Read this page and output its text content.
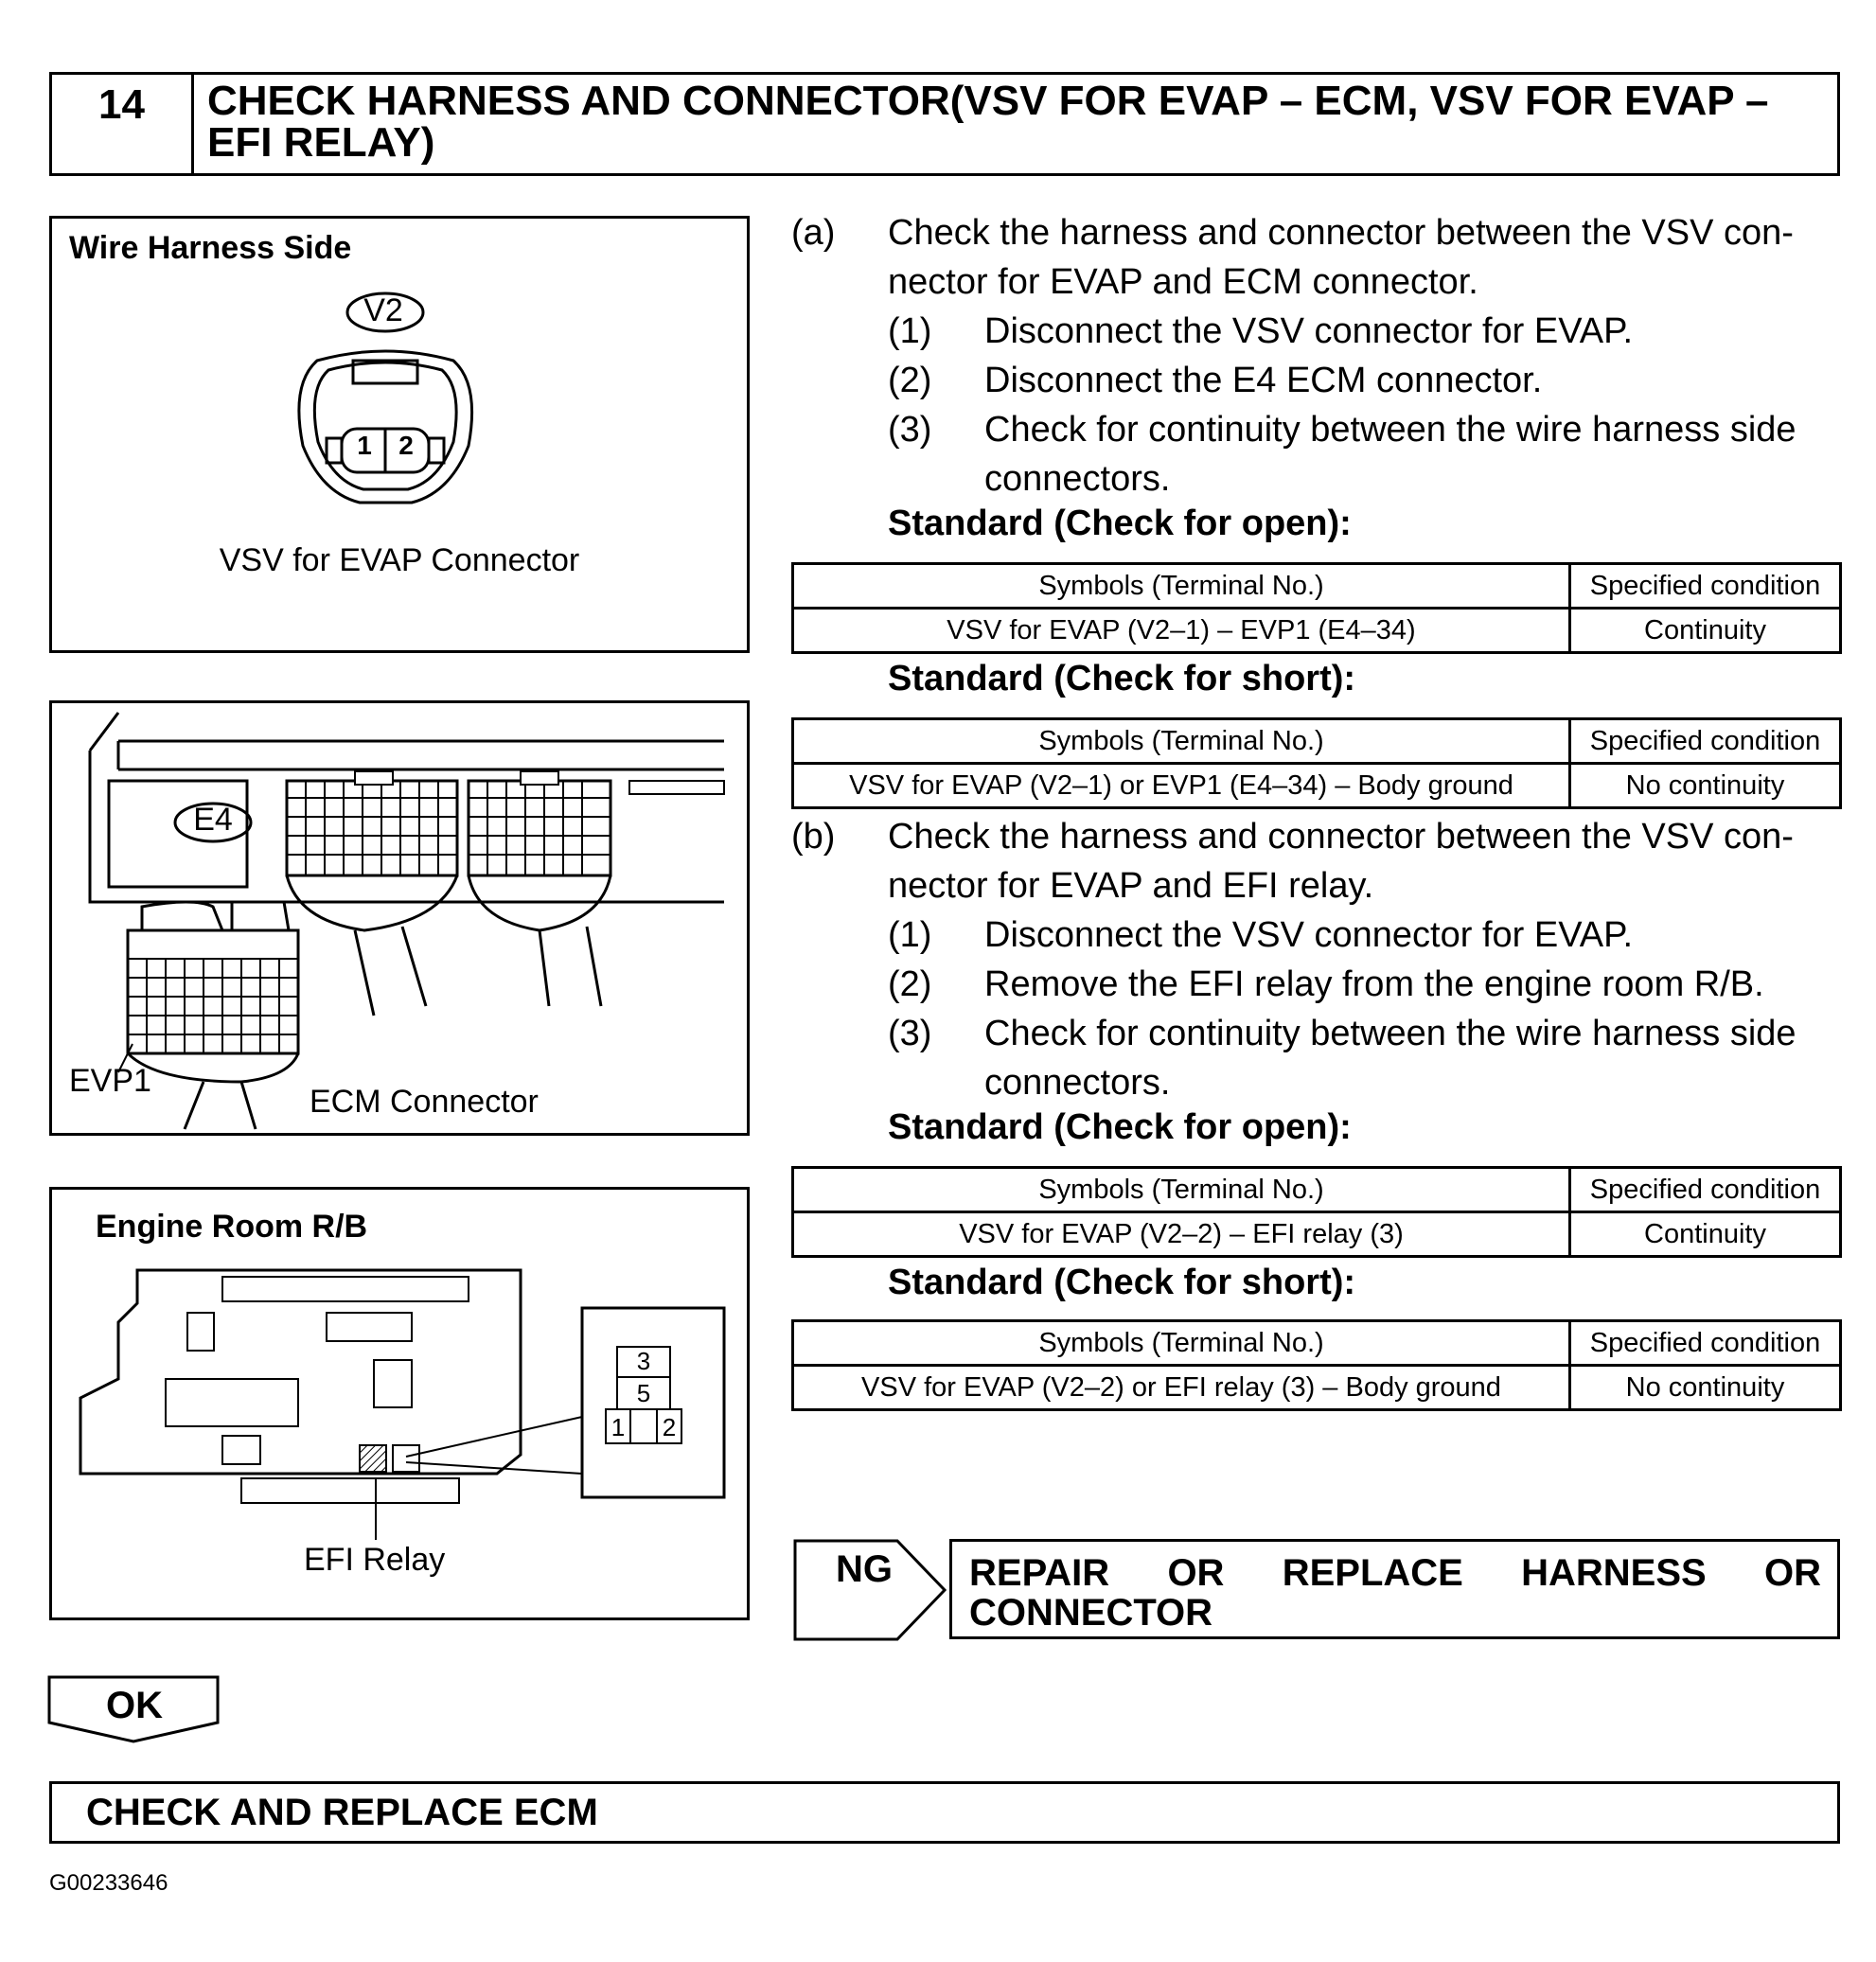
14	CHECK HARNESS AND CONNECTOR(VSV FOR EVAP – ECM, VSV FOR EVAP – EFI RELAY)
Wire Harness Side
V2
1	2
VSV for EVAP Connector
E4
EVP1
ECM Connector
Engine Room R/B
3
5
1 2
EFI Relay
(a) Check the harness and connector between the VSV con-
nector for EVAP and ECM connector.
(1) Disconnect the VSV connector for EVAP.
(2) Disconnect the E4 ECM connector.
(3) Check for continuity between the wire harness side
connectors.
Standard (Check for open):
Symbols (Terminal No.)	Specified condition
VSV for EVAP (V2–1) – EVP1 (E4–34)	Continuity
Standard (Check for short):
Symbols (Terminal No.)	Specified condition
VSV for EVAP (V2–1) or EVP1 (E4–34) – Body ground	No continuity
(b) Check the harness and connector between the VSV con-
nector for EVAP and EFI relay.
(1) Disconnect the VSV connector for EVAP.
(2) Remove the EFI relay from the engine room R/B.
(3) Check for continuity between the wire harness side
connectors.
Standard (Check for open):
Symbols (Terminal No.)	Specified condition
VSV for EVAP (V2–2) – EFI relay (3)	Continuity
Standard (Check for short):
Symbols (Terminal No.)	Specified condition
VSV for EVAP (V2–2) or EFI relay (3) – Body ground	No continuity
NG	REPAIR OR REPLACE HARNESS OR CONNECTOR
OK
CHECK AND REPLACE ECM
G00233646
